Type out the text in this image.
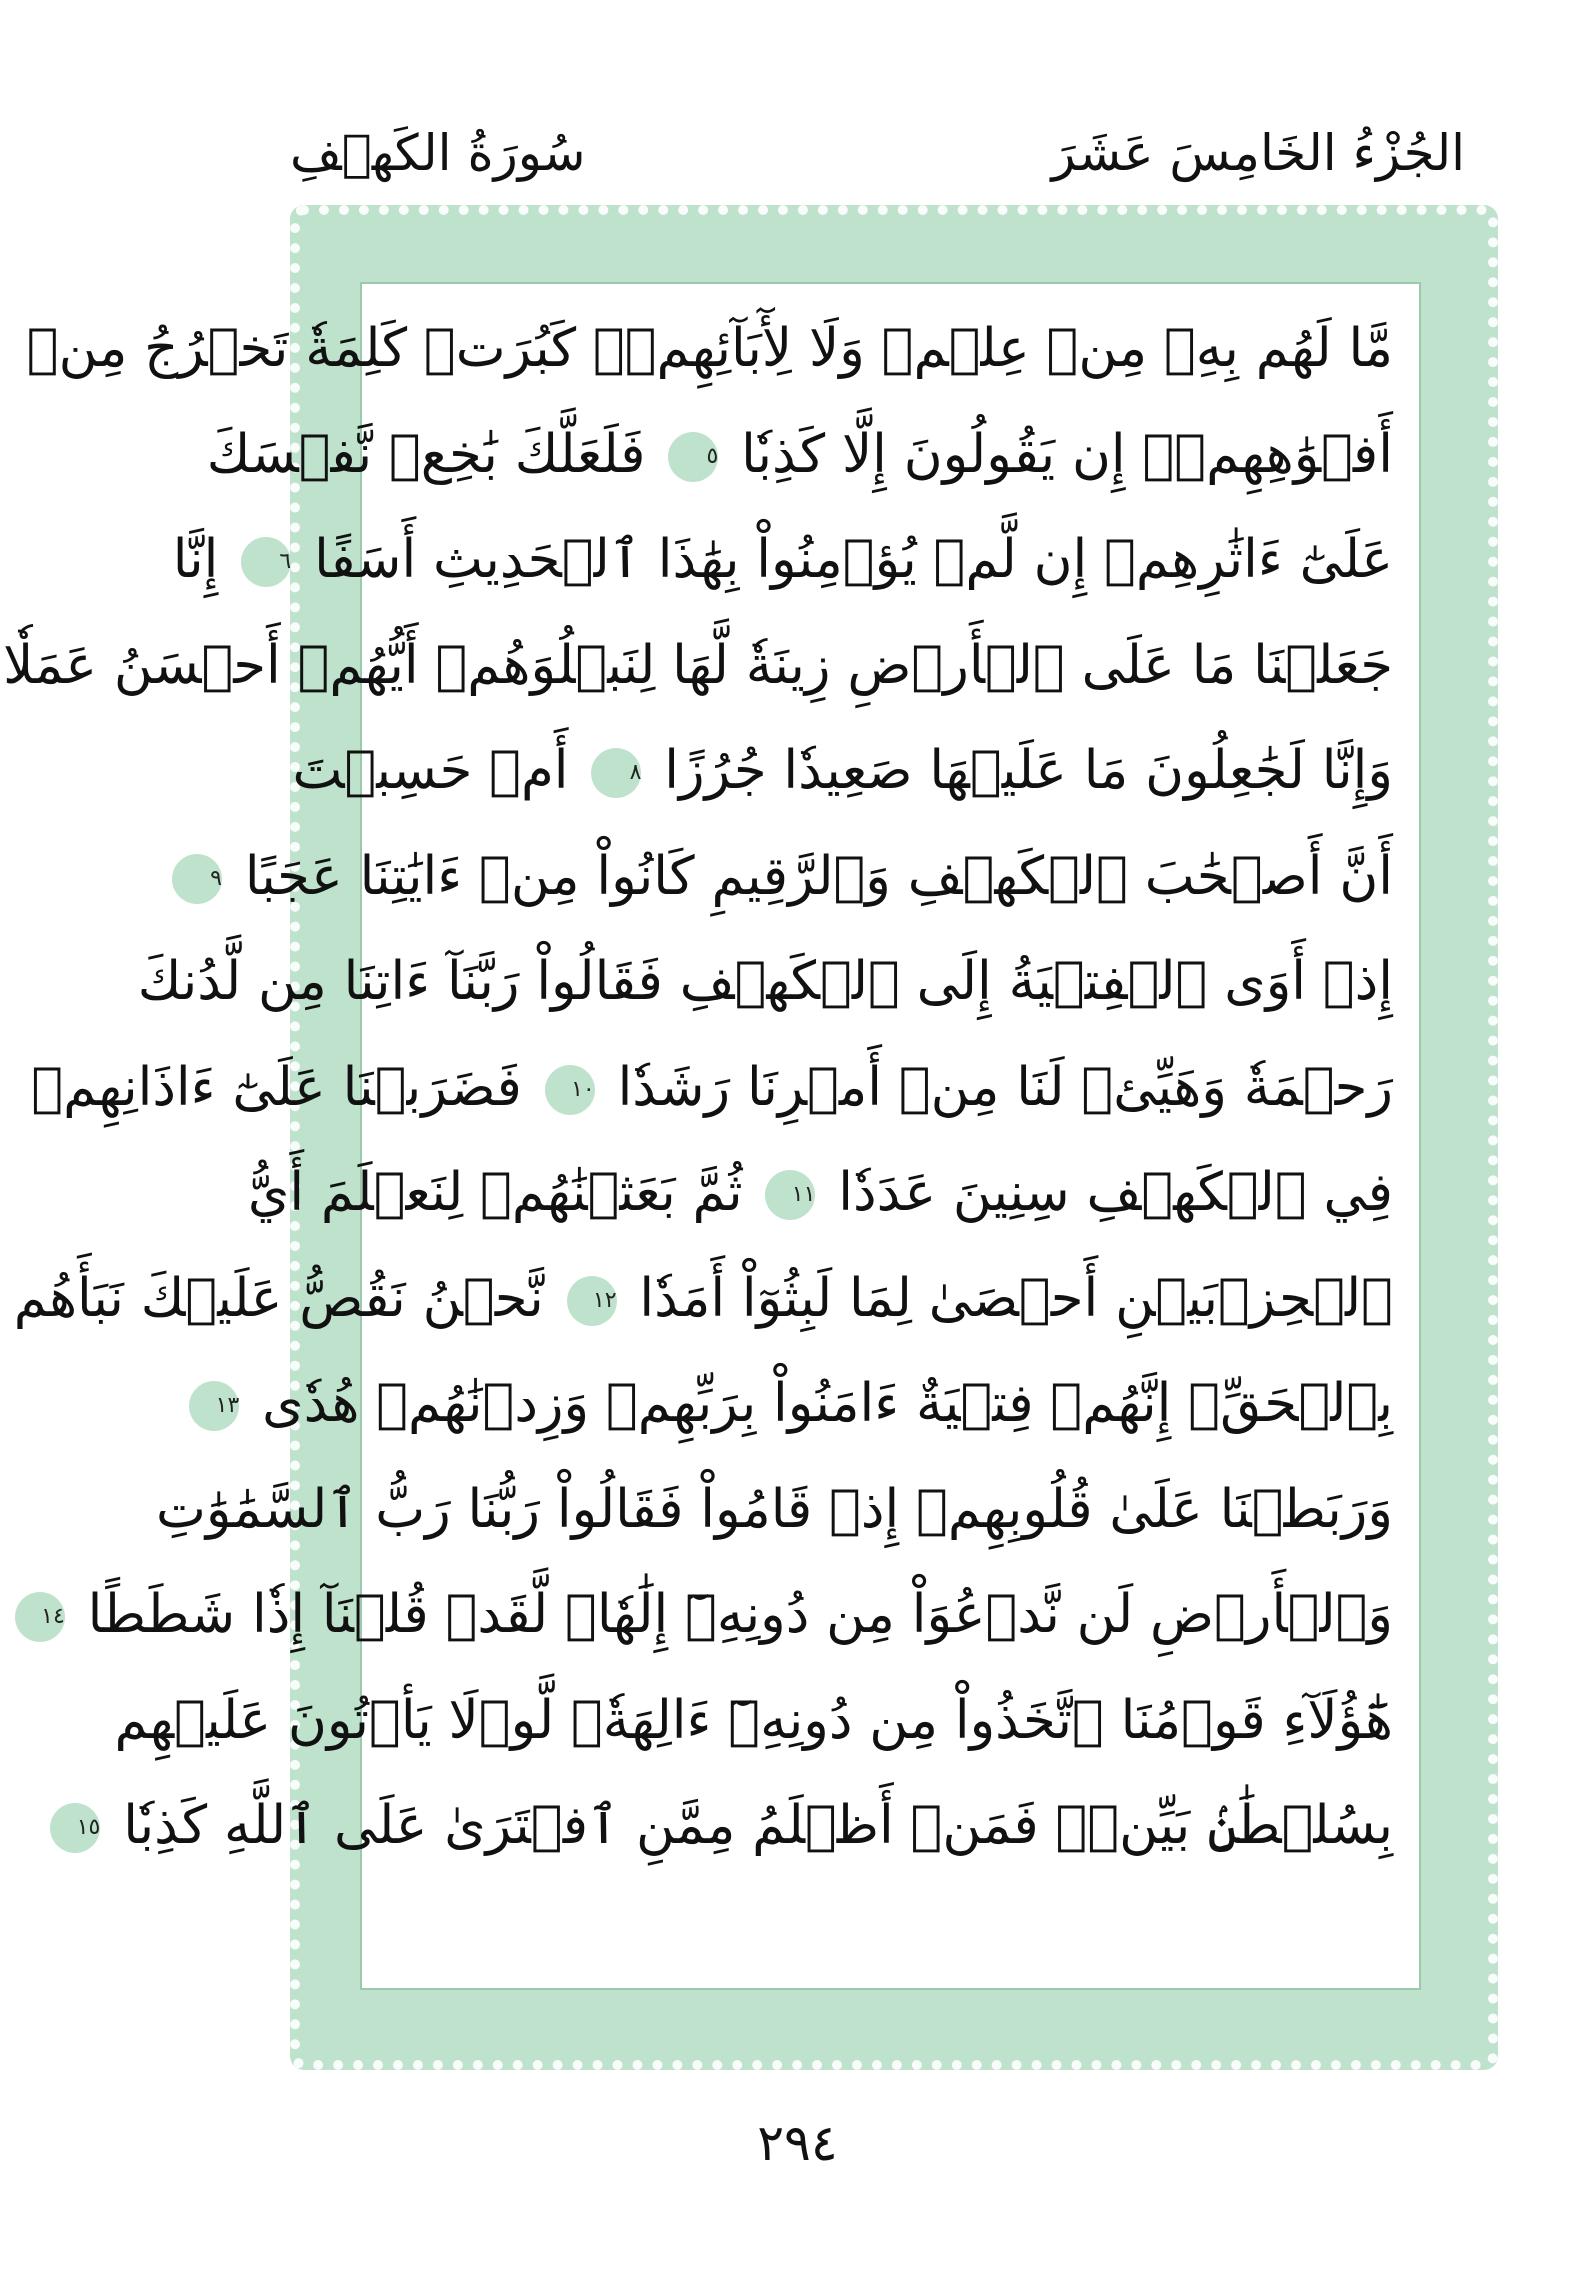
الجُزْءُ الخَامِسَ عَشَرَ
سُورَةُ الكَهۡفِ
مَّا لَهُم بِهِۦ مِنۡ عِلۡمٖ وَلَا لِأٓبَآئِهِمۡۚ كَبُرَتۡ كَلِمَةٗ تَخۡرُجُ مِنۡ
أَفۡوَٰهِهِمۡۚ إِن يَقُولُونَ إِلَّا كَذِبٗا ٥ فَلَعَلَّكَ بَٰخِعٞ نَّفۡسَكَ
عَلَىٰٓ ءَاثَٰرِهِمۡ إِن لَّمۡ يُؤۡمِنُواْ بِهَٰذَا ٱلۡحَدِيثِ أَسَفًا ٦ إِنَّا
جَعَلۡنَا مَا عَلَى ٱلۡأَرۡضِ زِينَةٗ لَّهَا لِنَبۡلُوَهُمۡ أَيُّهُمۡ أَحۡسَنُ عَمَلٗا
وَإِنَّا لَجَٰعِلُونَ مَا عَلَيۡهَا صَعِيدٗا جُرُزًا ٨ أَمۡ حَسِبۡتَ
أَنَّ أَصۡحَٰبَ ٱلۡكَهۡفِ وَٱلرَّقِيمِ كَانُواْ مِنۡ ءَايَٰتِنَا عَجَبًا ٩
إِذۡ أَوَى ٱلۡفِتۡيَةُ إِلَى ٱلۡكَهۡفِ فَقَالُواْ رَبَّنَآ ءَاتِنَا مِن لَّدُنكَ
رَحۡمَةٗ وَهَيِّئۡ لَنَا مِنۡ أَمۡرِنَا رَشَدٗا ١٠ فَضَرَبۡنَا عَلَىٰٓ ءَاذَانِهِمۡ
فِي ٱلۡكَهۡفِ سِنِينَ عَدَدٗا ١١ ثُمَّ بَعَثۡنَٰهُمۡ لِنَعۡلَمَ أَيُّ
ٱلۡحِزۡبَيۡنِ أَحۡصَىٰ لِمَا لَبِثُوٓاْ أَمَدٗا ١٢ نَّحۡنُ نَقُصُّ عَلَيۡكَ نَبَأَهُم
بِٱلۡحَقِّۚ إِنَّهُمۡ فِتۡيَةٌ ءَامَنُواْ بِرَبِّهِمۡ وَزِدۡنَٰهُمۡ هُدٗى ١٣
وَرَبَطۡنَا عَلَىٰ قُلُوبِهِمۡ إِذۡ قَامُواْ فَقَالُواْ رَبُّنَا رَبُّ ٱلسَّمَٰوَٰتِ
وَٱلۡأَرۡضِ لَن نَّدۡعُوَاْ مِن دُونِهِۦٓ إِلَٰهٗاۖ لَّقَدۡ قُلۡنَآ إِذٗا شَطَطًا ١٤
هَٰٓؤُلَآءِ قَوۡمُنَا ٱتَّخَذُواْ مِن دُونِهِۦٓ ءَالِهَةٗۖ لَّوۡلَا يَأۡتُونَ عَلَيۡهِم
بِسُلۡطَٰنِۢ بَيِّنٖۖ فَمَنۡ أَظۡلَمُ مِمَّنِ ٱفۡتَرَىٰ عَلَى ٱللَّهِ كَذِبٗا ١٥
٢٩٤
